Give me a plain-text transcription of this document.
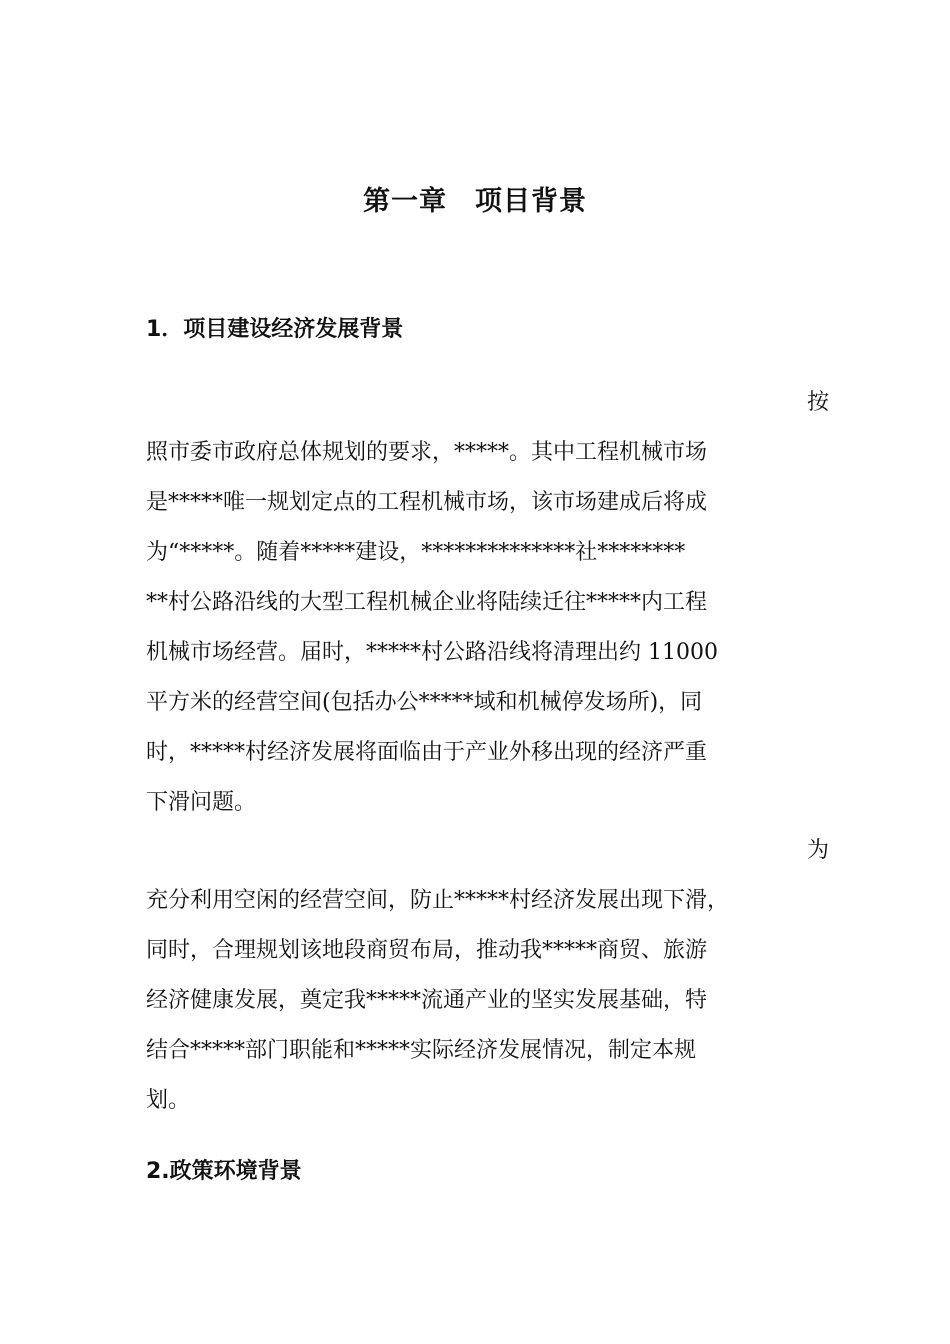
第一章　项目背景
1．项目建设经济发展背景

按

照市委市政府总体规划的要求，*****。其中工程机械市场

是*****唯一规划定点的工程机械市场，该市场建成后将成

为“*****。随着*****建设，**************社********

**村公路沿线的大型工程机械企业将陆续迁往*****内工程

机械市场经营。届时，*****村公路沿线将清理出约 11000

平方米的经营空间(包括办公*****域和机械停发场所)，同

时，*****村经济发展将面临由于产业外移出现的经济严重

下滑问题。

为

充分利用空闲的经营空间，防止*****村经济发展出现下滑，

同时，合理规划该地段商贸布局，推动我*****商贸、旅游

经济健康发展，奠定我*****流通产业的坚实发展基础，特

结合*****部门职能和*****实际经济发展情况，制定本规

划。

2.政策环境背景
